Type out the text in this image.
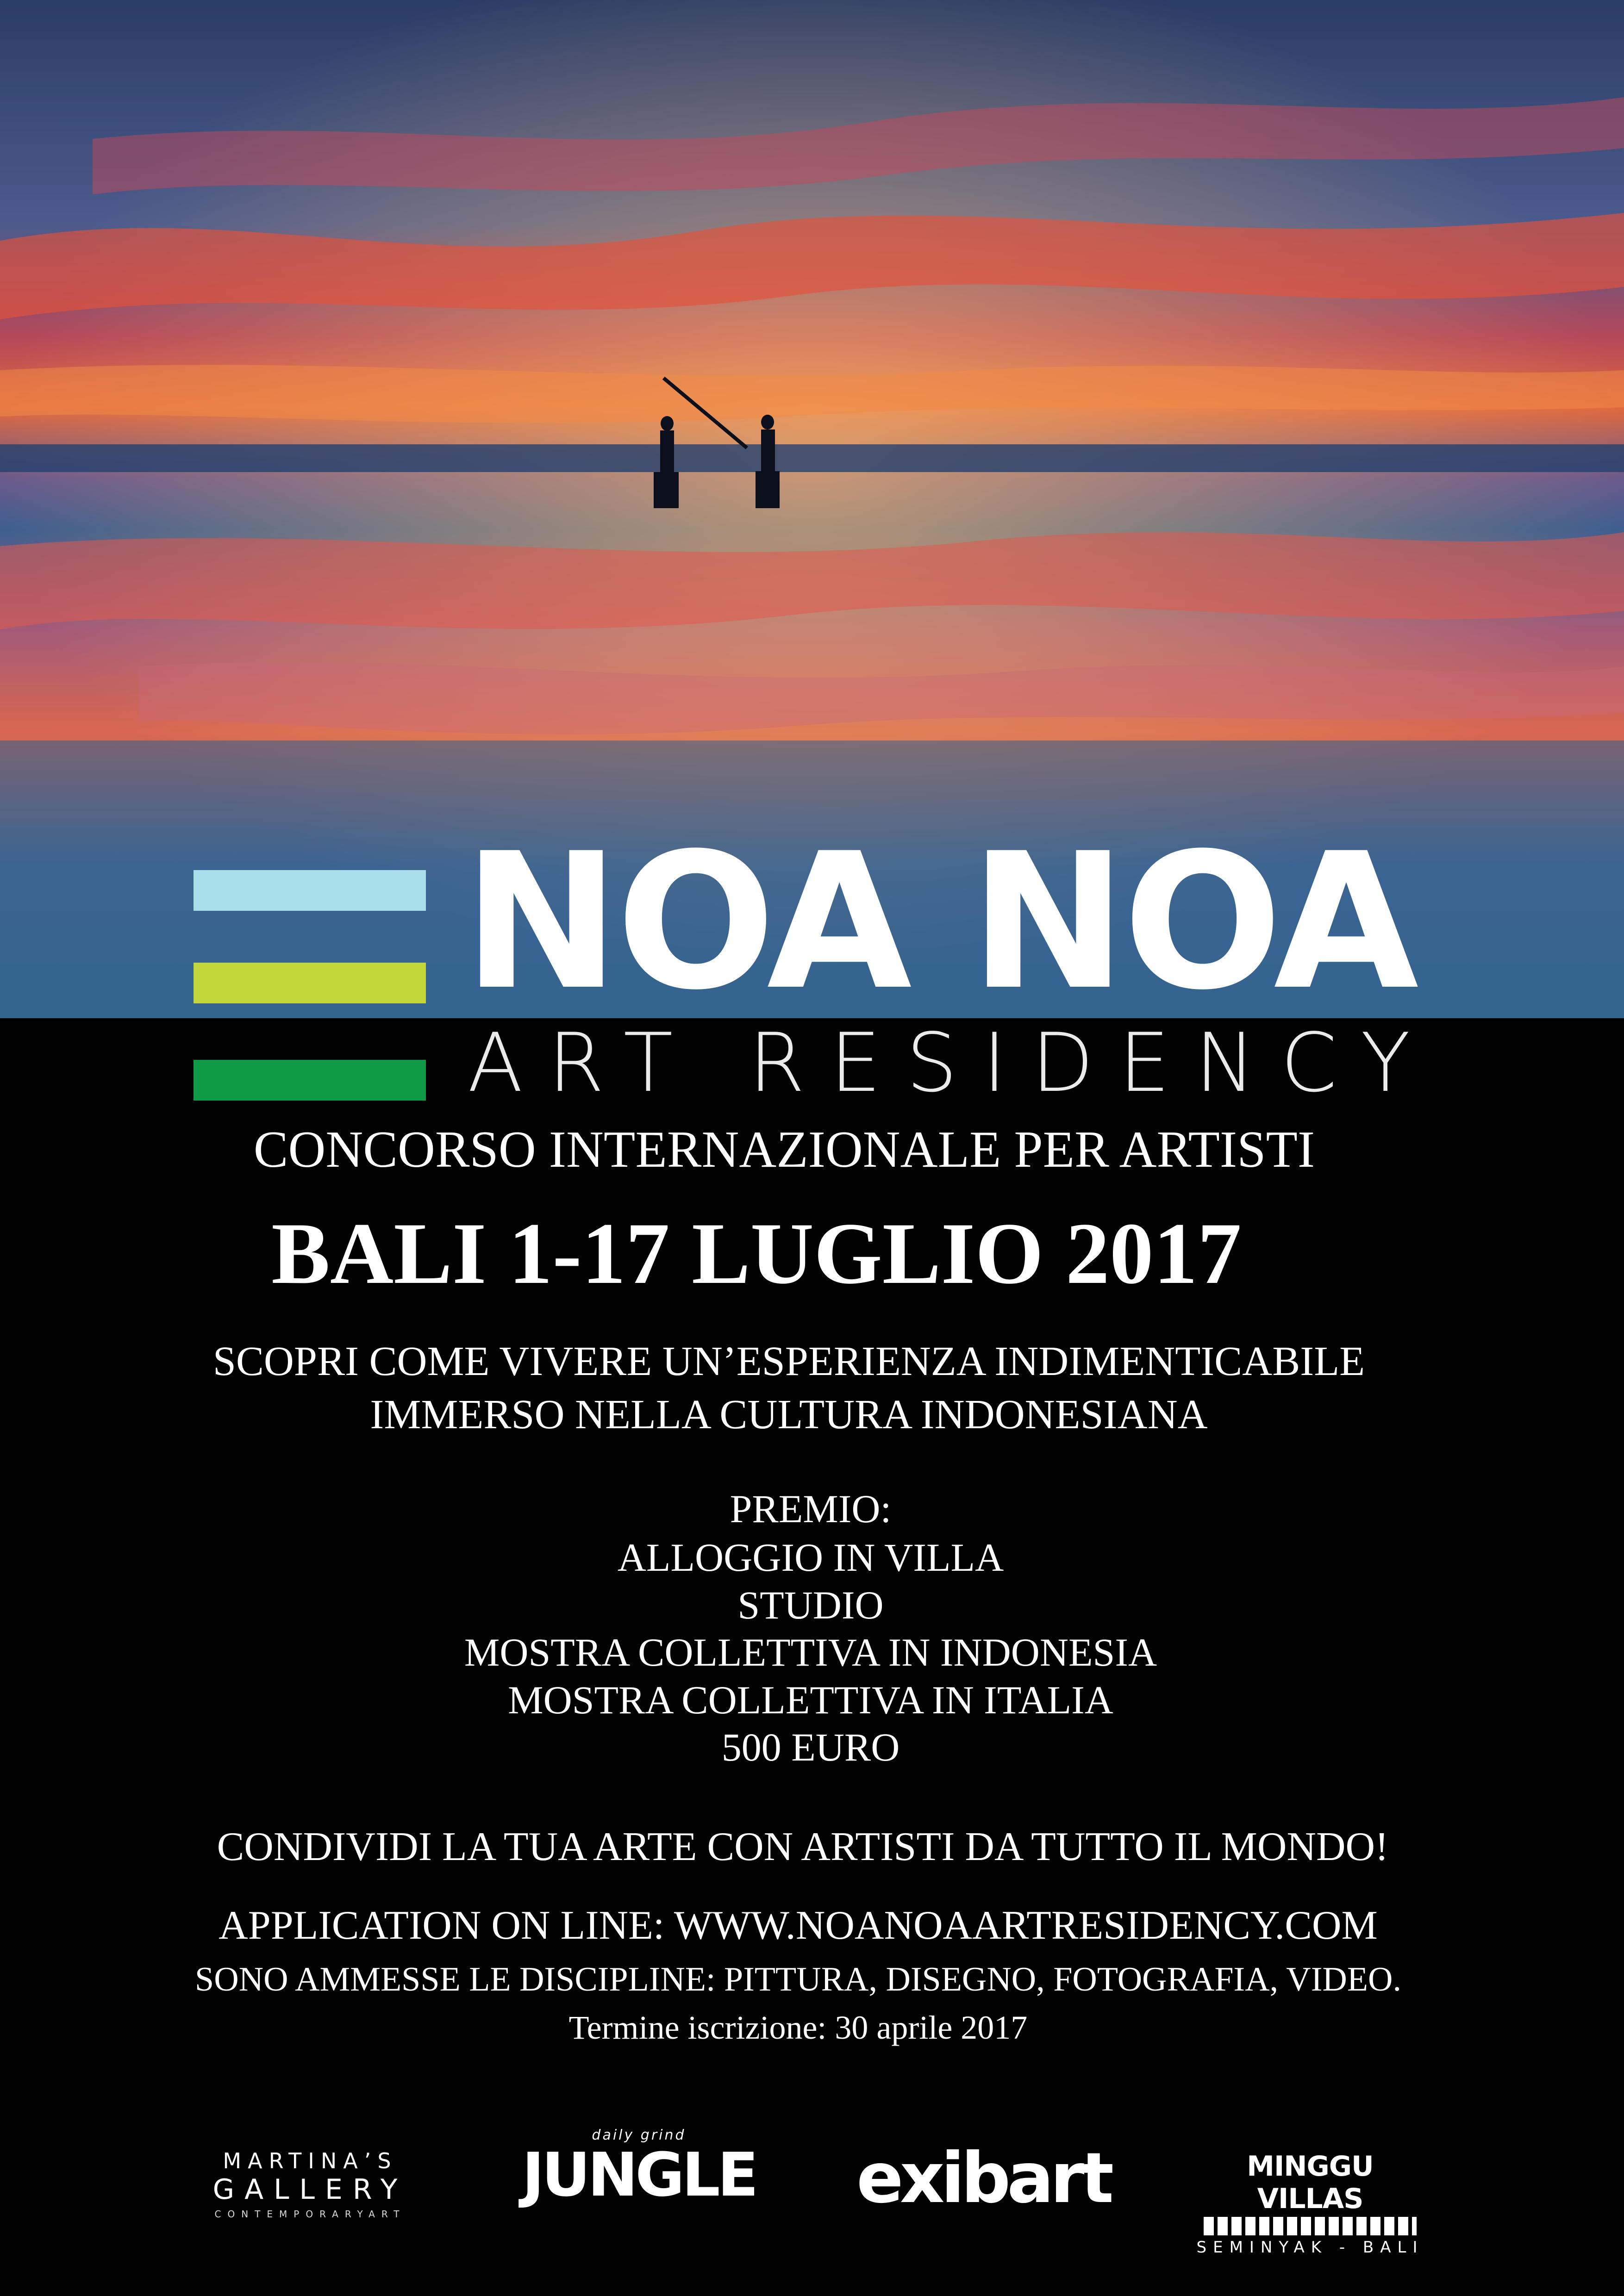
NOA NOA
ART RESIDENCY
CONCORSO INTERNAZIONALE PER ARTISTI
BALI 1-17 LUGLIO 2017
SCOPRI COME VIVERE UN’ESPERIENZA INDIMENTICABILE
IMMERSO NELLA CULTURA INDONESIANA
PREMIO:
ALLOGGIO IN VILLA
STUDIO
MOSTRA COLLETTIVA IN INDONESIA
MOSTRA COLLETTIVA IN ITALIA
500 EURO
CONDIVIDI LA TUA ARTE CON ARTISTI DA TUTTO IL MONDO!
APPLICATION ON LINE: WWW.NOANOAARTRESIDENCY.COM
SONO AMMESSE LE DISCIPLINE: PITTURA, DISEGNO, FOTOGRAFIA, VIDEO.
Termine iscrizione: 30 aprile 2017
MARTINA’S
GALLERY
CONTEMPORARYART
daily grind
JUNGLE exibart	MINGGU VILLAS
SEMINYAK - BALI
